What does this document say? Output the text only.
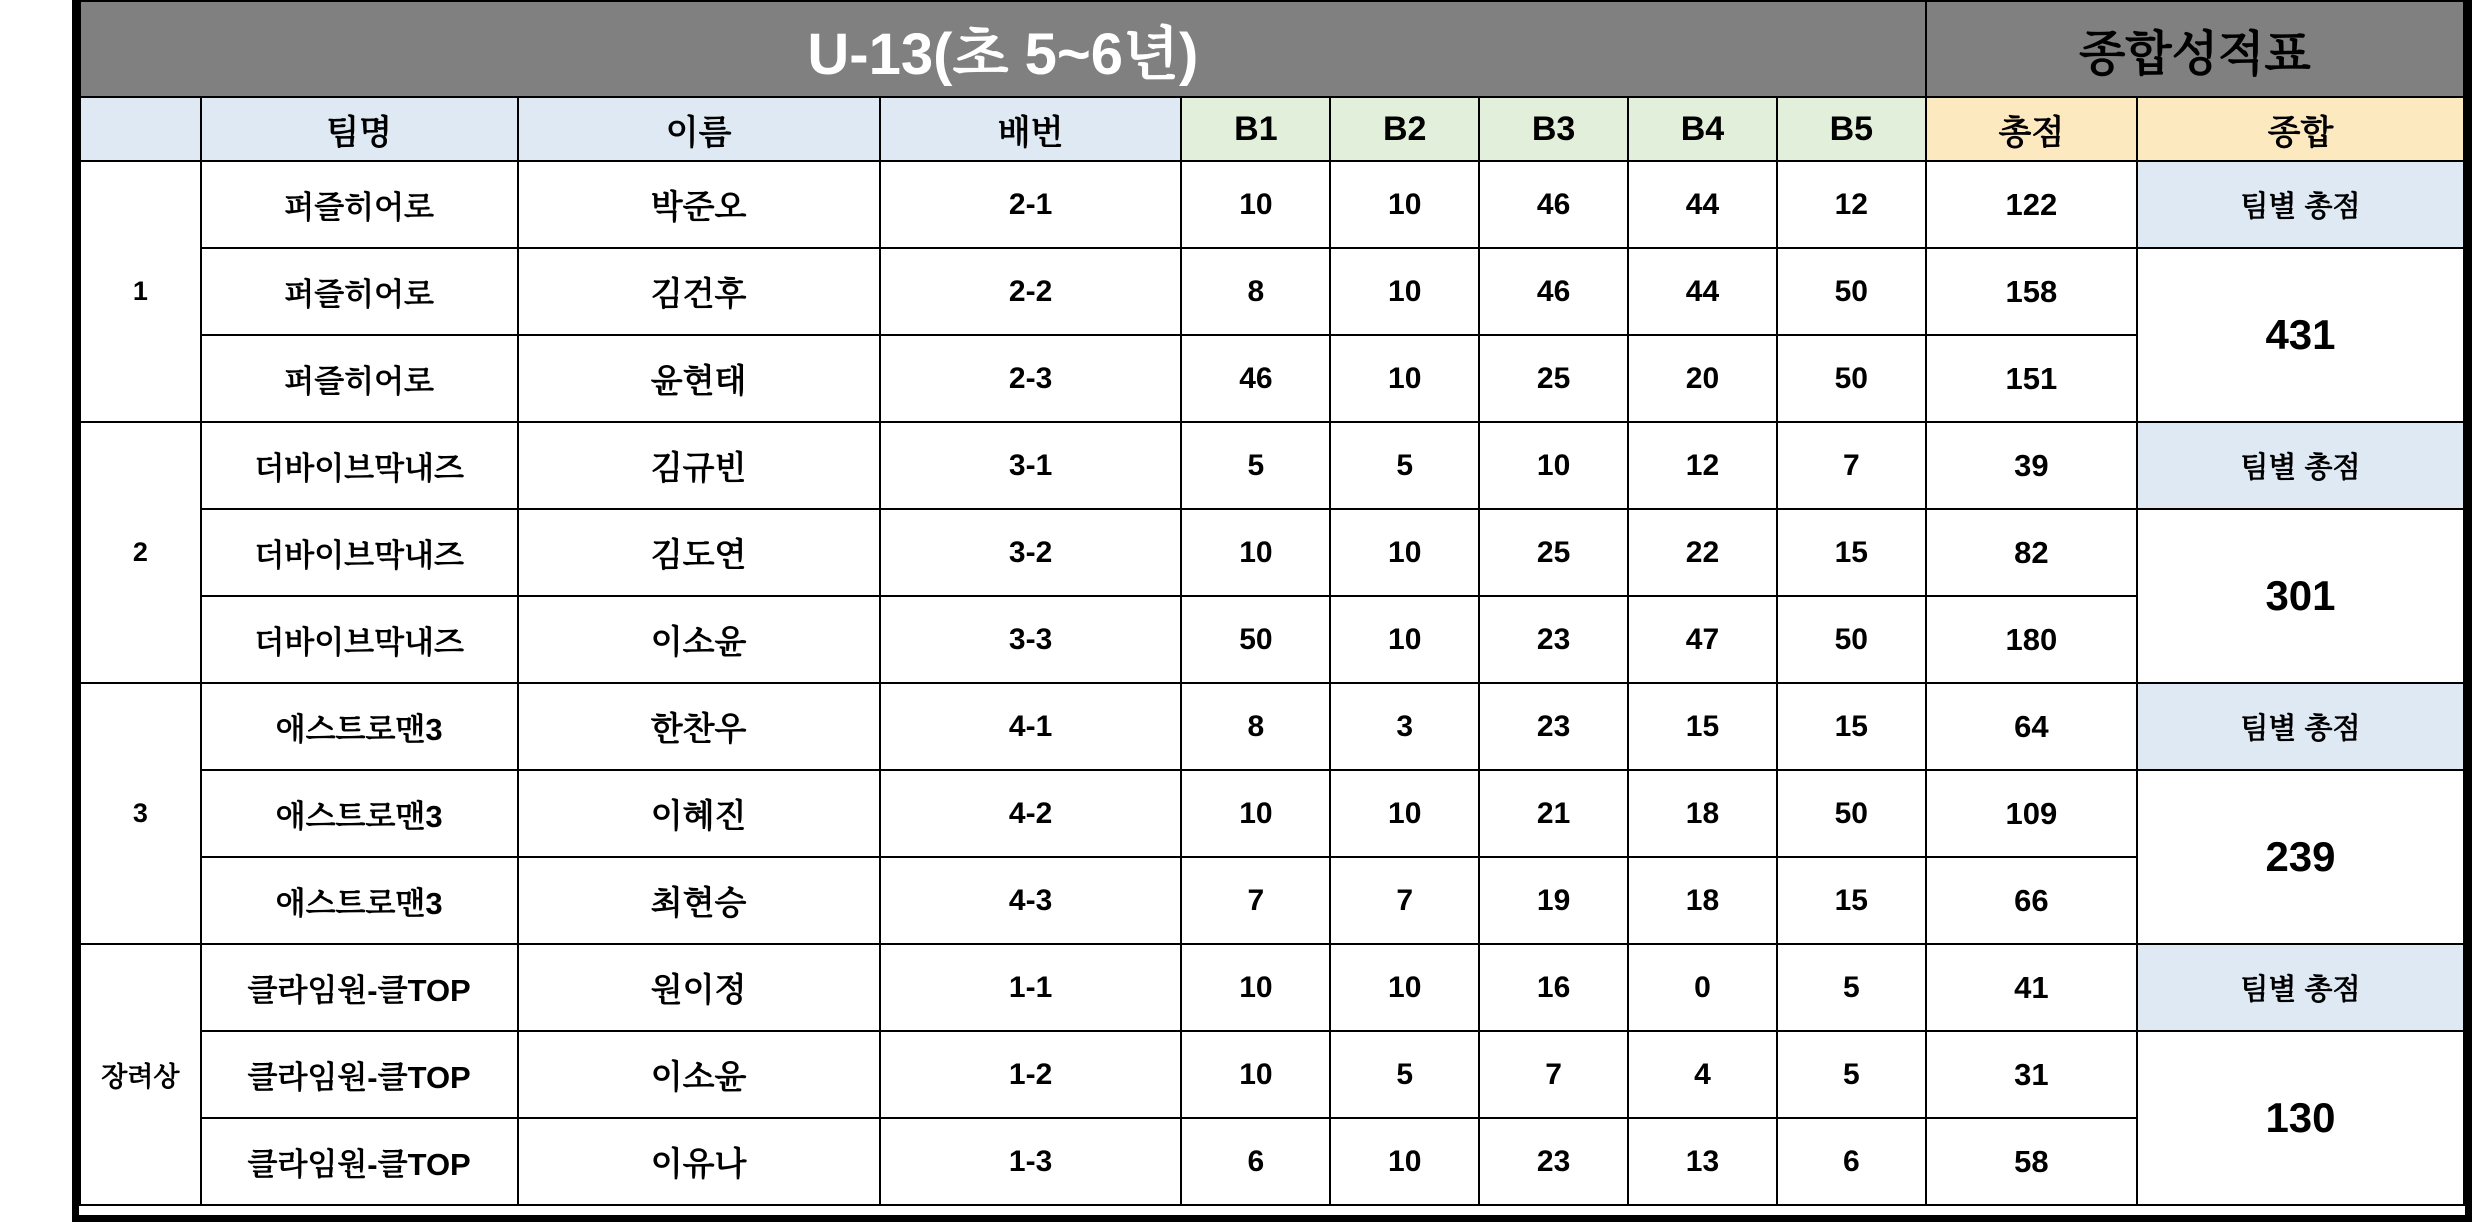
U-13(초 5~6년)									종합성적표	
	팀명	이름	배번	B1	B2	B3	B4	B5	총점	종합
1	퍼즐히어로	박준오	2-1	10	10	46	44	12	122	팀별 총점
	퍼즐히어로	김건후	2-2	8	10	46	44	50	158	431
	퍼즐히어로	윤현태	2-3	46	10	25	20	50	151	
2	더바이브막내즈	김규빈	3-1	5	5	10	12	7	39	팀별 총점
	더바이브막내즈	김도연	3-2	10	10	25	22	15	82	301
	더바이브막내즈	이소윤	3-3	50	10	23	47	50	180	
3	애스트로맨3	한찬우	4-1	8	3	23	15	15	64	팀별 총점
	애스트로맨3	이혜진	4-2	10	10	21	18	50	109	239
	애스트로맨3	최현승	4-3	7	7	19	18	15	66	
장려상	클라임원-클TOP	원이정	1-1	10	10	16	0	5	41	팀별 총점
	클라임원-클TOP	이소윤	1-2	10	5	7	4	5	31	130
	클라임원-클TOP	이유나	1-3	6	10	23	13	6	58	
